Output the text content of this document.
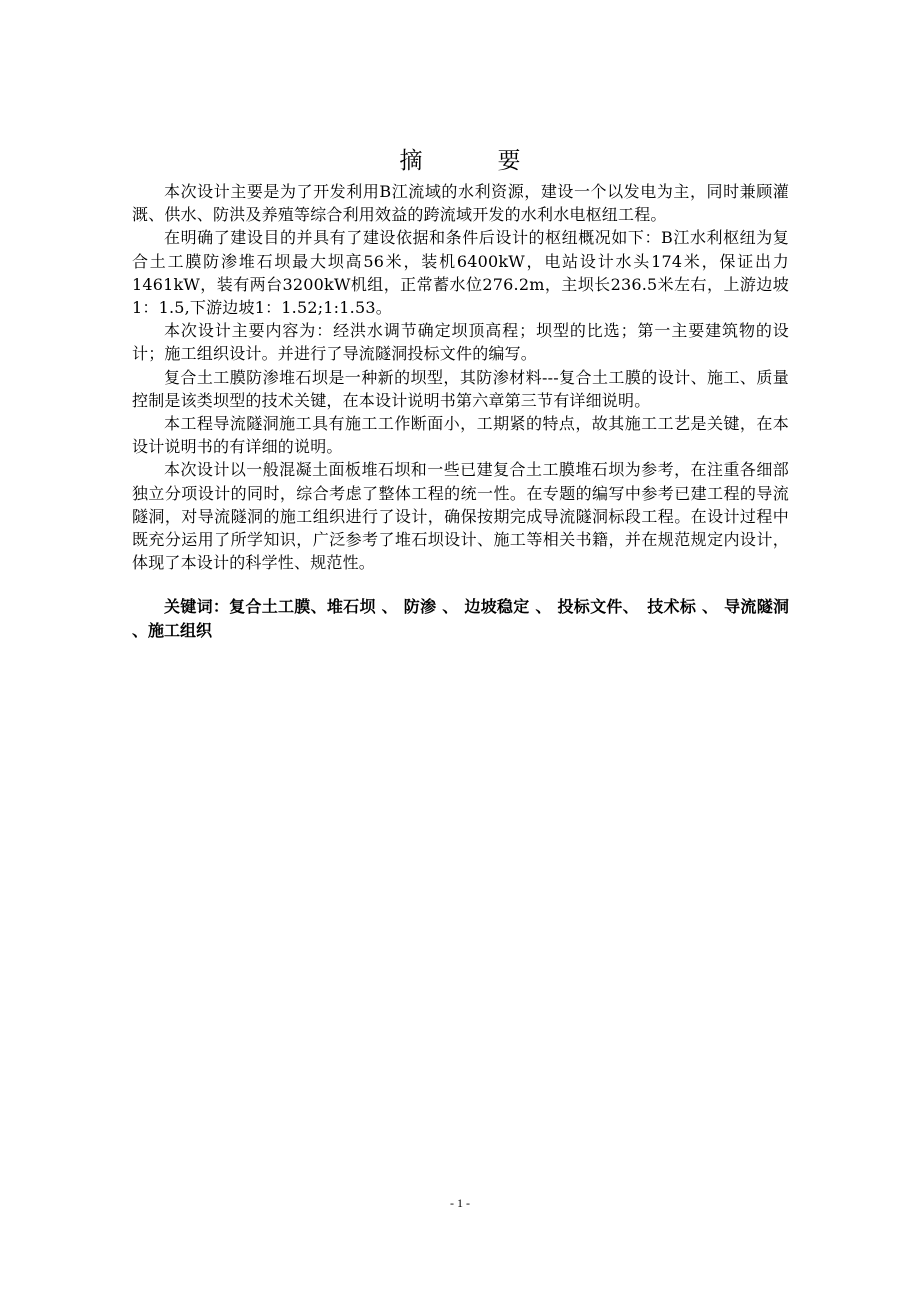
摘　要

本次设计主要是为了开发利用B江流域的水利资源，建设一个以发电为主，同时兼顾灌溉、供水、防洪及养殖等综合利用效益的跨流域开发的水利水电枢纽工程。

在明确了建设目的并具有了建设依据和条件后设计的枢纽概况如下：B江水利枢纽为复合土工膜防渗堆石坝最大坝高56米，装机6400kW，电站设计水头174米，保证出力1461kW，装有两台3200kW机组，正常蓄水位276.2m，主坝长236.5米左右，上游边坡1：1.5,下游边坡1：1.52;1:1.53。

本次设计主要内容为：经洪水调节确定坝顶高程；坝型的比选；第一主要建筑物的设计；施工组织设计。并进行了导流隧洞投标文件的编写。

复合土工膜防渗堆石坝是一种新的坝型，其防渗材料---复合土工膜的设计、施工、质量控制是该类坝型的技术关键，在本设计说明书第六章第三节有详细说明。

本工程导流隧洞施工具有施工工作断面小，工期紧的特点，故其施工工艺是关键，在本设计说明书的有详细的说明。

本次设计以一般混凝土面板堆石坝和一些已建复合土工膜堆石坝为参考，在注重各细部独立分项设计的同时，综合考虑了整体工程的统一性。在专题的编写中参考已建工程的导流隧洞，对导流隧洞的施工组织进行了设计，确保按期完成导流隧洞标段工程。在设计过程中既充分运用了所学知识，广泛参考了堆石坝设计、施工等相关书籍，并在规范规定内设计，体现了本设计的科学性、规范性。

关键词：复合土工膜、堆石坝 、 防渗 、 边坡稳定 、 投标文件、　技术标 、 导流隧洞 、施工组织

- 1 -
